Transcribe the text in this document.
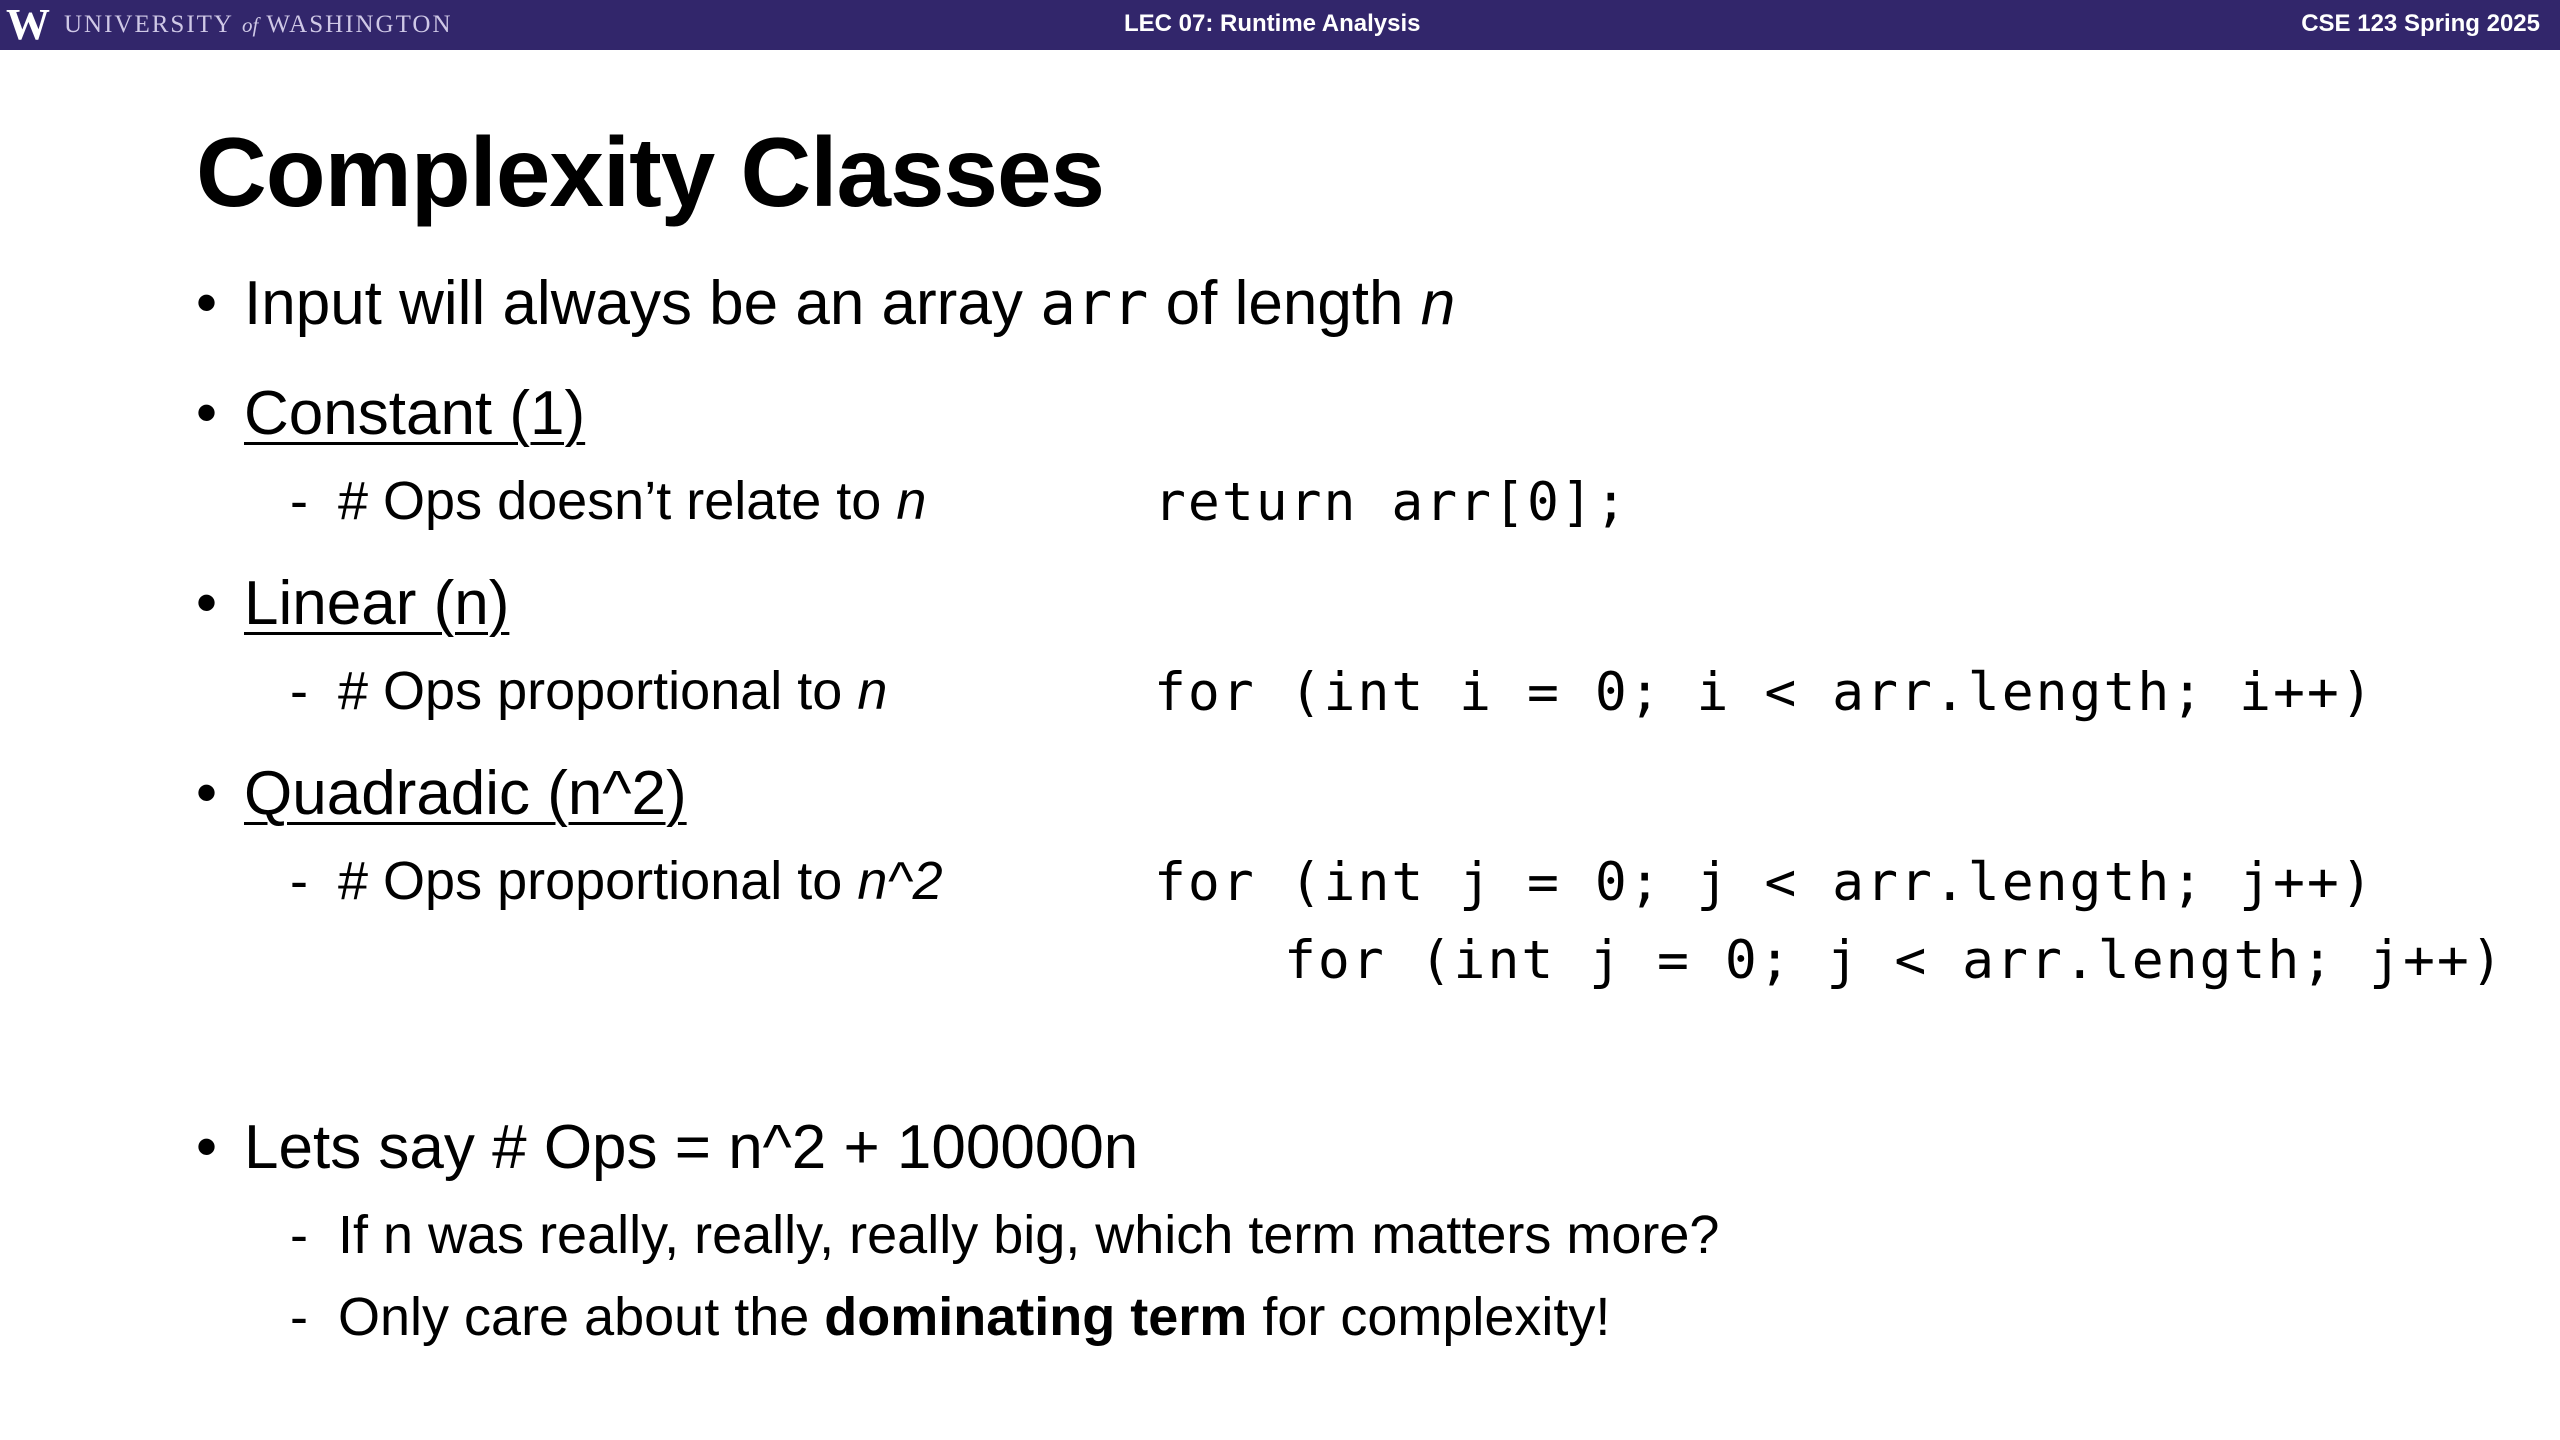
W UNIVERSITY of WASHINGTON	LEC 07: Runtime Analysis	CSE 123 Spring 2025
Complexity Classes
• Input will always be an array arr of length n
• Constant (1)
- # Ops doesn’t relate to n	return arr[0];
• Linear (n)
- # Ops proportional to n	for (int i = 0; i < arr.length; i++)
• Quadradic (n^2)
- # Ops proportional to n^2	for (int j = 0; j < arr.length; j++)
for (int j = 0; j < arr.length; j++)
• Lets say # Ops = n^2 + 100000n
- If n was really, really, really big, which term matters more?
- Only care about the dominating term for complexity!
